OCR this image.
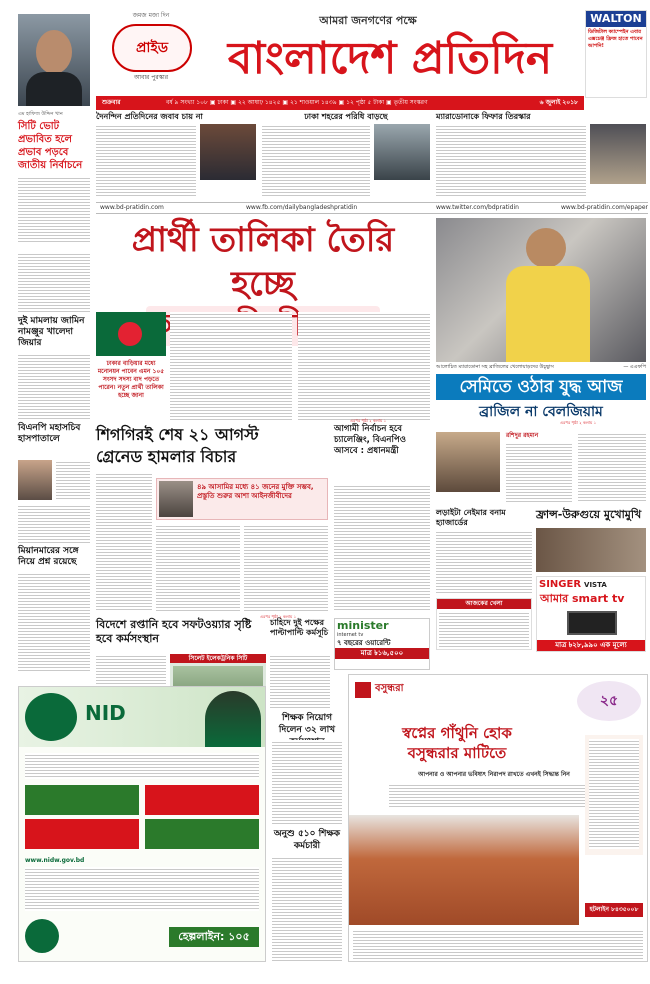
জমজ মজা দিন
প্রাইড
আবার পুরস্কার
আমরা জনগণের পক্ষে
বাংলাদেশ প্রতিদিন
WALTON
ডিজিটাল ক্যাম্পেইন এবার এক্সচেঞ্জ ফ্রিজ হাতে পাবেন আপনি!
শুক্রবার	বর্ষ ৯ সংখ্যা ১০৮ ▣ ঢাকা ▣ ২২ আষাঢ় ১৪২৫ ▣ ২১ শাওয়াল ১৪৩৯ ▣ ১২ পৃষ্ঠা ৫ টাকা ▣ তৃতীয় সংস্করণ	৬ জুলাই ২০১৮
এম হাফিজ উদ্দিন খান
সিটি ভোট প্রভাবিত হলে প্রভাব পড়বে জাতীয় নির্বাচনে
দৈনন্দিন প্রতিদিনের জবাব চায় না	ঢাকা শহরের পরিধি বাড়ছে	ম্যারাডোনাকে ফিফার তিরস্কার
www.bd-pratidin.com	www.fb.com/dailybangladeshpratidin	www.twitter.com/bdpratidin	www.bd-pratidin.com/epaper
দুই মামলায় জামিন নামঞ্জুর খালেদা জিয়ার
বিএনপি মহাসচিব হাসপাতালে
মিয়ানমারের সঙ্গে নিয়ে প্রশ্ন রয়েছে
প্রার্থী তালিকা তৈরি হচ্ছে
ঢাকার বাড়িয়ার মধ্যে মনোনয়ন পাবেন এমন ১০৫ সংসদ সদস্য বাদ পড়তে পারেন। নতুন প্রার্থী তালিকা হচ্ছে জানা
আলোচিত ম্যারাডোনা সহ ব্রাজিলের খেলোয়াড়দের উচ্ছ্বাস	— এএফপি
সেমিতে ওঠার যুদ্ধ আজ
ব্রাজিল না বেলজিয়াম
শিগগিরই শেষ ২১ আগস্ট
গ্রেনেড হামলার বিচার
আগামী নির্বাচন হবে চ্যালেঞ্জিং, বিএনপিও আসবে : প্রধানমন্ত্রী
৪৯ আসামির মধ্যে ৪১ জনের মুক্তি সম্ভব, প্রস্তুতি শুরুর আশা আইনজীবীদের
রশিদুর রহমান
লড়াইটা নেইমার বনাম হ্যাজার্ডের
ফ্রান্স-উরুগুয়ে মুখোমুখি
minister
internet tv
৭ বছরের ওয়ারেন্টি
মাত্র ৳১৬,৫০০
আজকের খেলা
SINGER VISTA
আমার smart tv
মাত্র ৳২৮,৯৯০ এক মূল্যে
বিদেশে রপ্তানি হবে সফটওয়্যার সৃষ্টি হবে কর্মসংস্থান
সিলেট ইলেকট্রনিক সিটি
চাহিদে দুই পক্ষের পাল্টাপাল্টি কর্মসূচি
NID
www.nidw.gov.bd
হেল্পলাইন: ১০৫
শিক্ষক নিয়োগ দিলেন ৩২ লাখ
অনুশু ৫১০ শিক্ষক কর্মচারী
বসুন্ধরা
২৫
স্বপ্নের গাঁথুনি হোক
বসুন্ধরার মাটিতে
আপনার ও আপনার ভবিষ্যৎ নিরাপদ রাখতে এখনই সিদ্ধান্ত নিন
হটলাইন ৮৪৩৫০০৮
এরপর পৃষ্ঠা ২ কলাম ১	এরপর পৃষ্ঠা ২ কলাম ১
এরপর পৃষ্ঠা ২ কলাম ১
